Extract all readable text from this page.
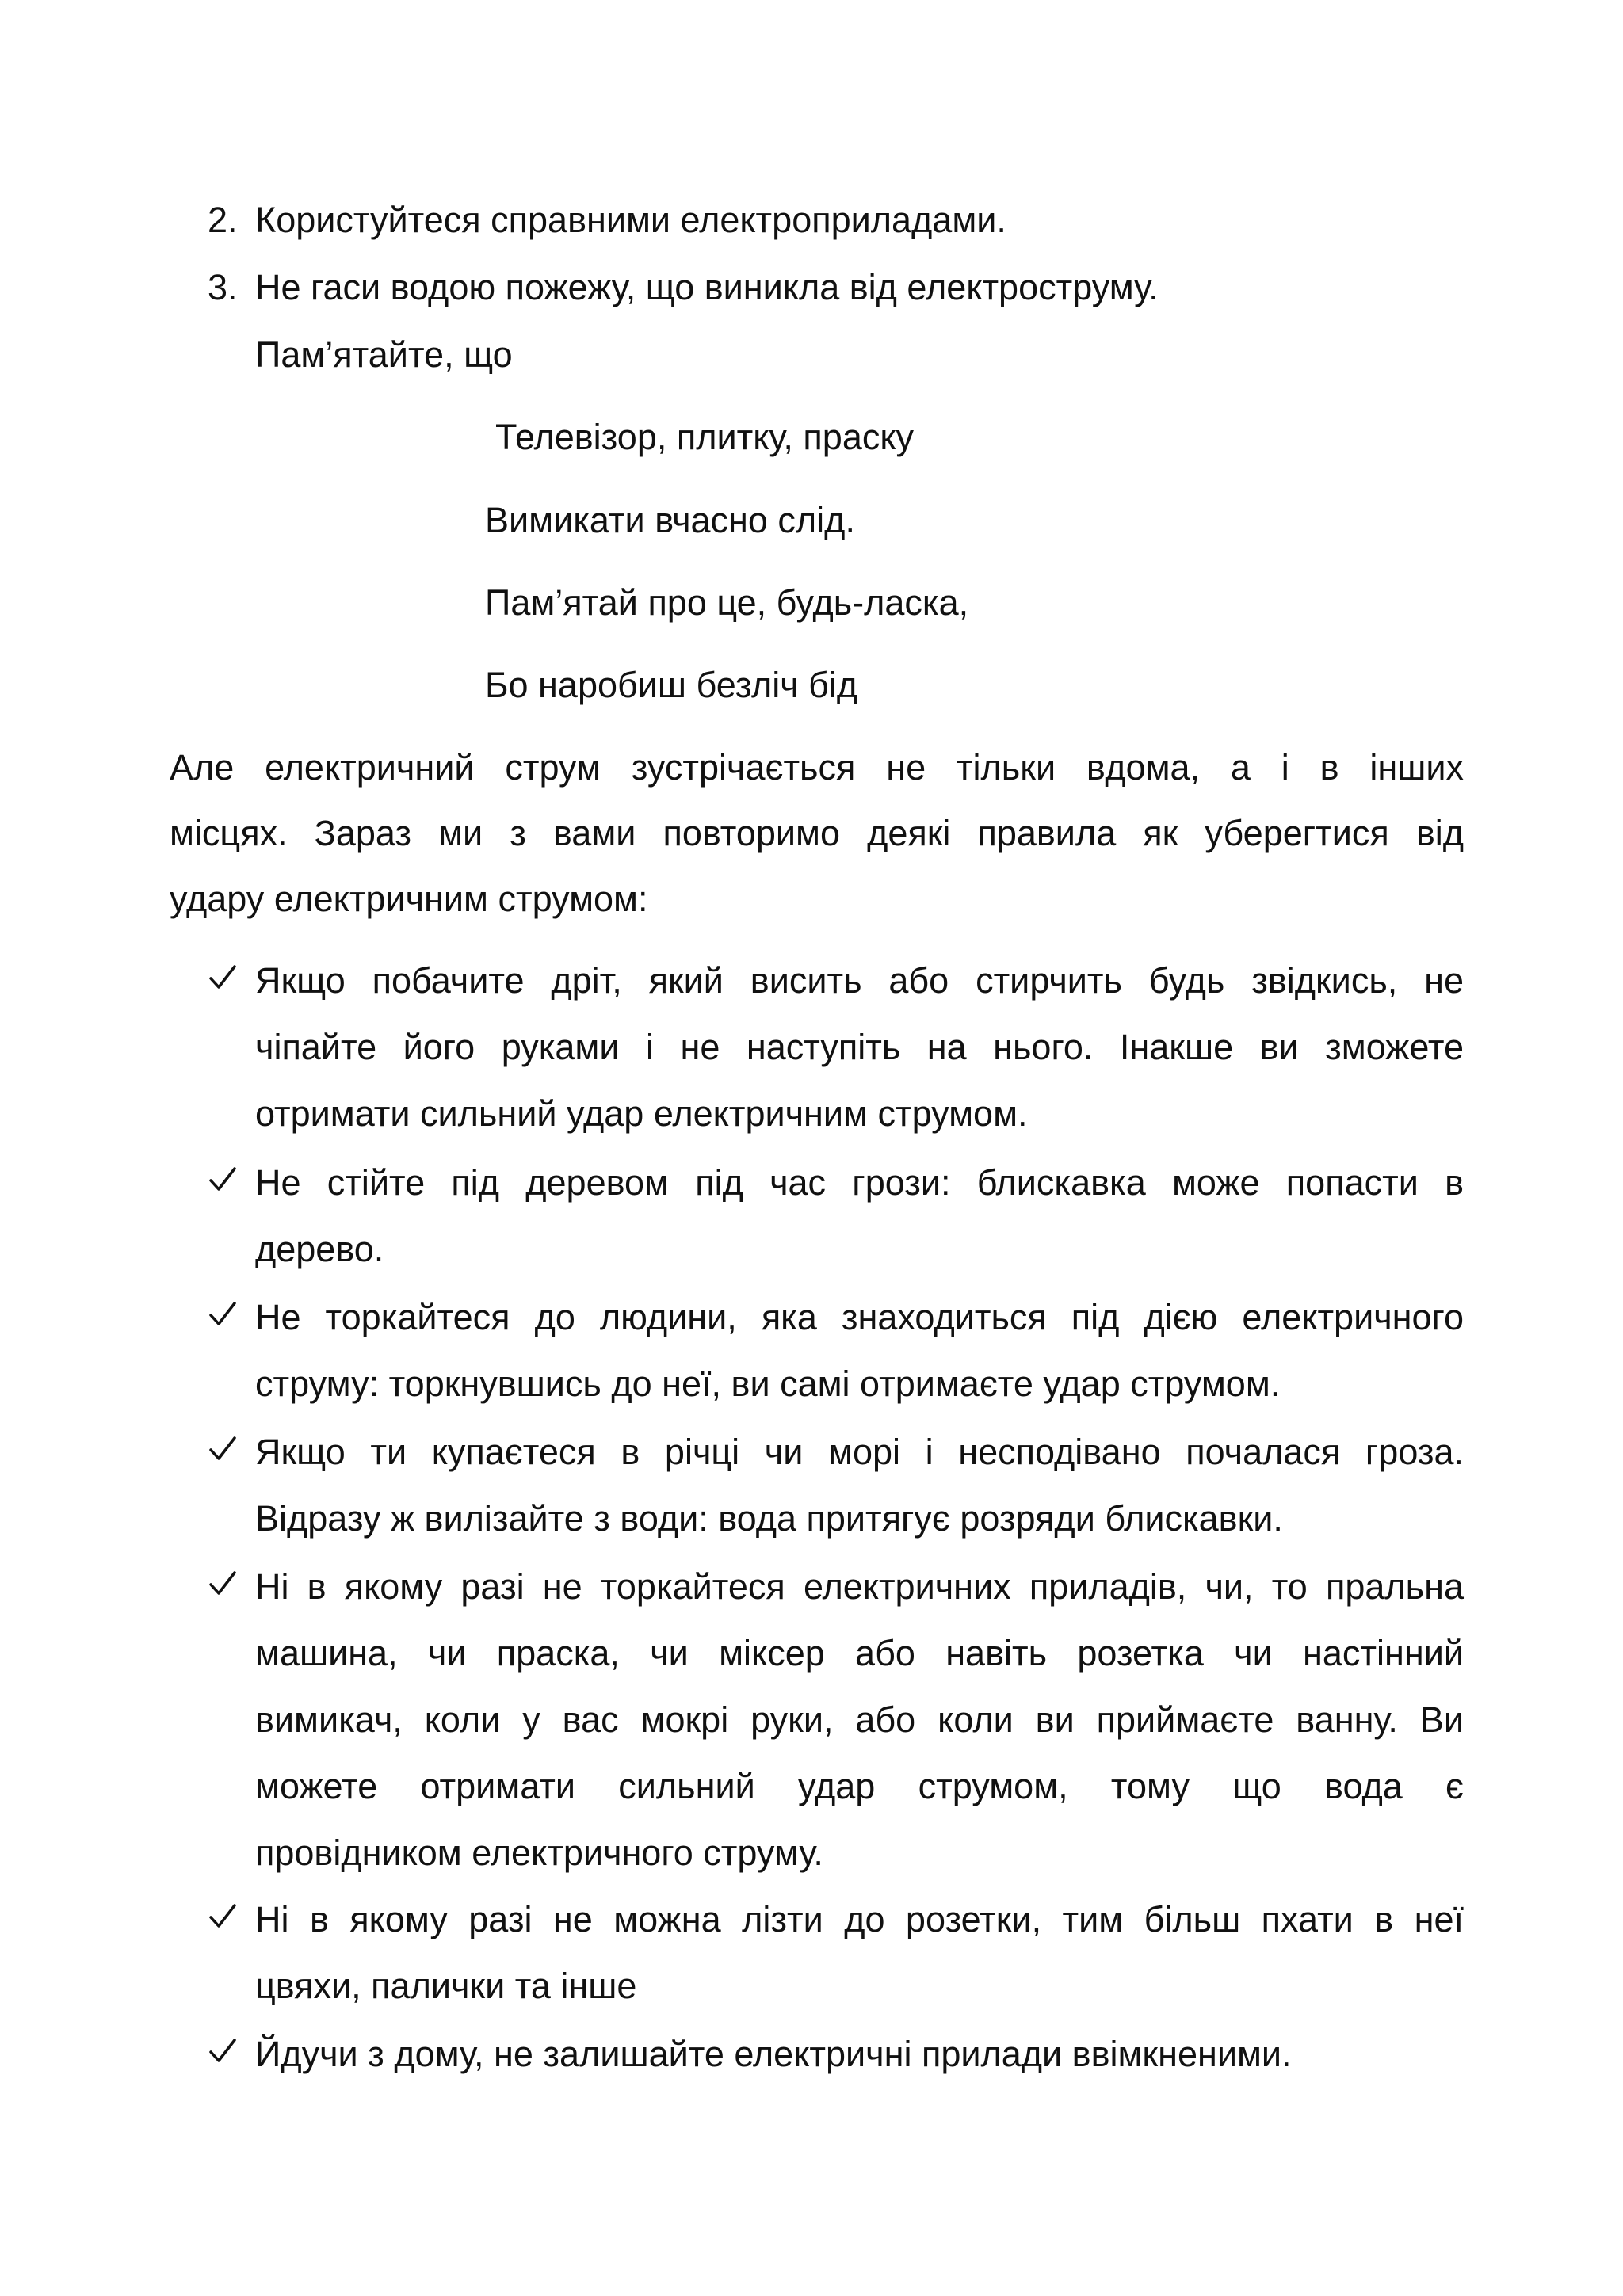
2. Користуйтеся справними електроприладами.
3. Не гаси водою пожежу, що виникла від електроструму.
Пам’ятайте, що
Телевізор, плитку, праску
Вимикати вчасно слід.
Пам’ятай про це, будь-ласка,
Бо наробиш безліч бід
Але електричний струм зустрічається не тільки вдома, а і в інших
місцях. Зараз ми з вами повторимо деякі правила як уберегтися від
удару електричним струмом:
Якщо побачите дріт, який висить або стирчить будь звідкись, не
чіпайте його руками і не наступіть на нього. Інакше ви зможете
отримати сильний удар електричним струмом.
Не стійте під деревом під час грози: блискавка може попасти в
дерево.
Не торкайтеся до людини, яка знаходиться під дією електричного
струму: торкнувшись до неї, ви самі отримаєте удар струмом.
Якщо ти купаєтеся в річці чи морі і несподівано почалася гроза.
Відразу ж вилізайте з води: вода притягує розряди блискавки.
Ні в якому разі не торкайтеся електричних приладів, чи, то пральна
машина, чи праска, чи міксер або навіть розетка чи настінний
вимикач, коли у вас мокрі руки, або коли ви приймаєте ванну. Ви
можете отримати сильний удар струмом, тому що вода є
провідником електричного струму.
Ні в якому разі не можна лізти до розетки, тим більш пхати в неї
цвяхи, палички та інше
Йдучи з дому, не залишайте електричні прилади ввімкненими.
